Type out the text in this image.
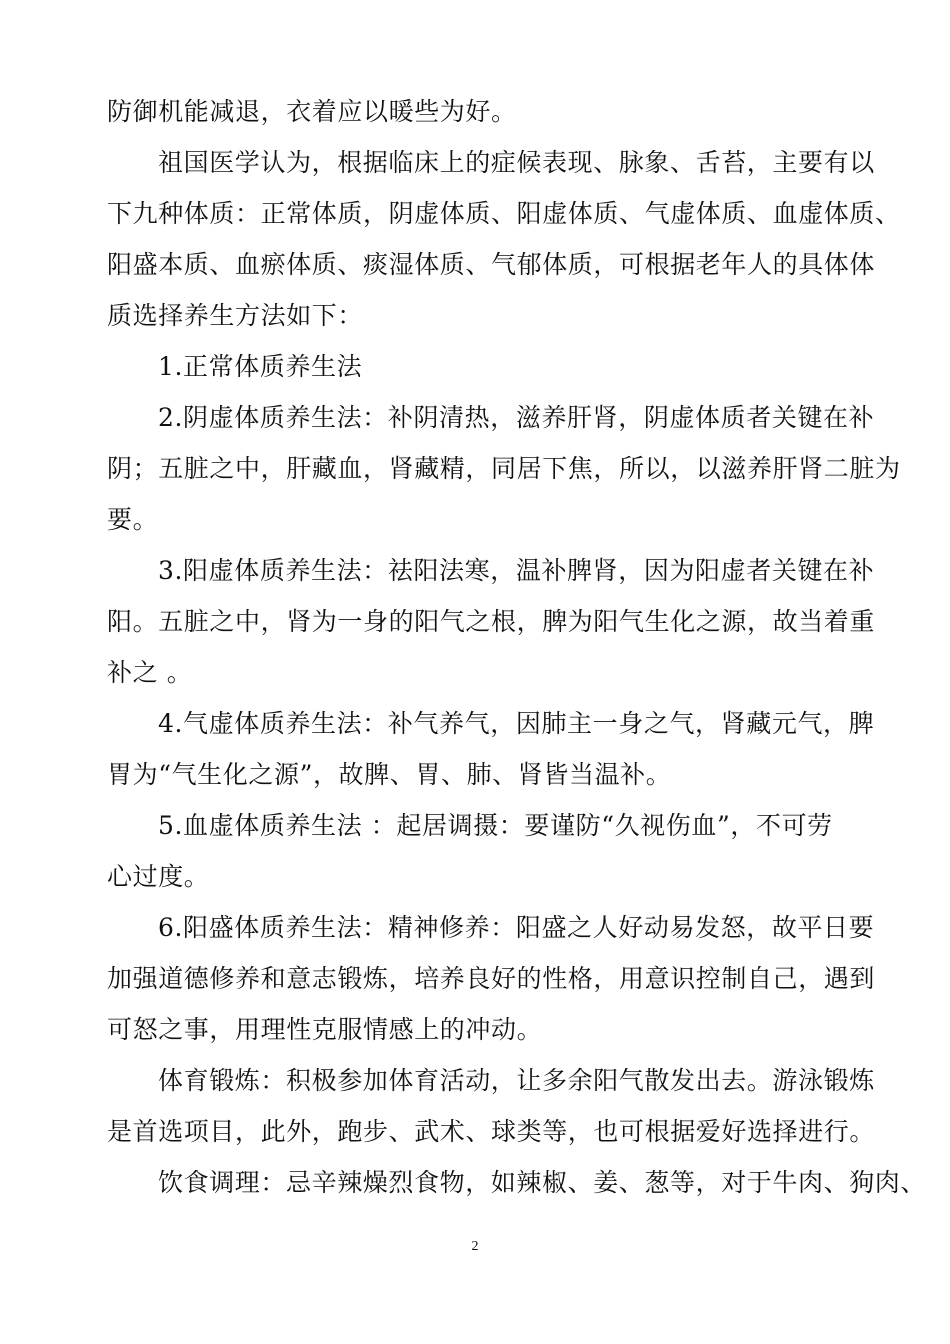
防御机能减退，衣着应以暖些为好。
祖国医学认为，根据临床上的症候表现、脉象、舌苔，主要有以
下九种体质：正常体质，阴虚体质、阳虚体质、气虚体质、血虚体质、
阳盛本质、血瘀体质、痰湿体质、气郁体质，可根据老年人的具体体
质选择养生方法如下：
1.正常体质养生法
2.阴虚体质养生法：补阴清热，滋养肝肾，阴虚体质者关键在补
阴；五脏之中，肝藏血，肾藏精，同居下焦，所以，以滋养肝肾二脏为
要。
3.阳虚体质养生法：祛阳法寒，温补脾肾，因为阳虚者关键在补
阳。五脏之中，肾为一身的阳气之根，脾为阳气生化之源，故当着重
补之 。
4.气虚体质养生法：补气养气，因肺主一身之气，肾藏元气，脾
胃为“气生化之源”，故脾、胃、肺、肾皆当温补。
5.血虚体质养生法 ：起居调摄：要谨防“久视伤血”，不可劳
心过度。
6.阳盛体质养生法：精神修养：阳盛之人好动易发怒，故平日要
加强道德修养和意志锻炼，培养良好的性格，用意识控制自己，遇到
可怒之事，用理性克服情感上的冲动。
体育锻炼：积极参加体育活动，让多余阳气散发出去。游泳锻炼
是首选项目，此外，跑步、武术、球类等，也可根据爱好选择进行。
饮食调理：忌辛辣燥烈食物，如辣椒、姜、葱等，对于牛肉、狗肉、
2
